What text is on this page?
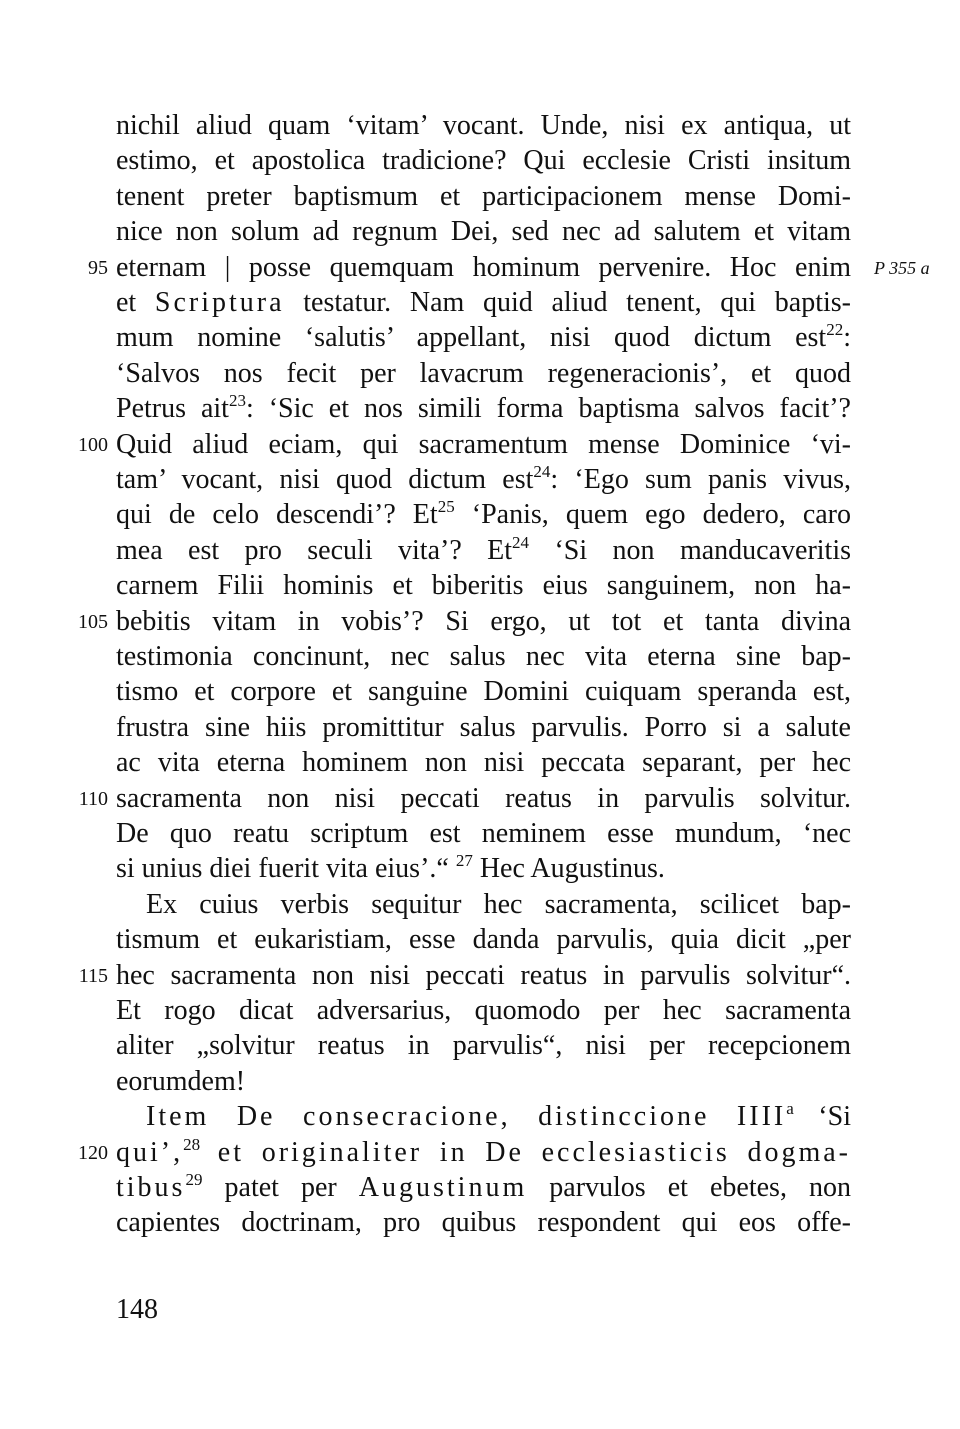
nichil aliud quam ‘vitam’ vocant. Unde, nisi ex antiqua, ut
estimo, et apostolica tradicione? Qui ecclesie Cristi insitum
tenent preter baptismum et participacionem mense Domi-
nice non solum ad regnum Dei, sed nec ad salutem et vitam
eternam | posse quemquam hominum pervenire. Hoc enim
95	P 355 a
et Scriptura testatur. Nam quid aliud tenent, qui baptis-
mum nomine ‘salutis’ appellant, nisi quod dictum est$^{22}$:
‘Salvos nos fecit per lavacrum regeneracionis’, et quod
Petrus ait$^{23}$: ‘Sic et nos simili forma baptisma salvos facit’?
Quid aliud eciam, qui sacramentum mense Dominice ‘vi-
100
tam’ vocant, nisi quod dictum est$^{24}$: ‘Ego sum panis vivus,
qui de celo descendi’? Et$^{25}$ ‘Panis, quem ego dedero, caro
mea est pro seculi vita’? Et$^{24}$ ‘Si non manducaveritis
carnem Filii hominis et biberitis eius sanguinem, non ha-
bebitis vitam in vobis’? Si ergo, ut tot et tanta divina
105
testimonia concinunt, nec salus nec vita eterna sine bap-
tismo et corpore et sanguine Domini cuiquam speranda est,
frustra sine hiis promittitur salus parvulis. Porro si a salute
ac vita eterna hominem non nisi peccata separant, per hec
sacramenta non nisi peccati reatus in parvulis solvitur.
110
De quo reatu scriptum est neminem esse mundum, ‘nec
si unius diei fuerit vita eius’.“ $^{27}$ Hec Augustinus.
Ex cuius verbis sequitur hec sacramenta, scilicet bap-
tismum et eukaristiam, esse danda parvulis, quia dicit „per
hec sacramenta non nisi peccati reatus in parvulis solvitur“.
115
Et rogo dicat adversarius, quomodo per hec sacramenta
aliter „solvitur reatus in parvulis“, nisi per recepcionem
eorumdem!
Item De consecracione, distinccione IIII$^a$ ‘Si
qui’,$^{28}$ et originaliter in De ecclesiasticis dogma-
120
tibus$^{29}$ patet per Augustinum parvulos et ebetes, non
capientes doctrinam, pro quibus respondent qui eos offe-
148
